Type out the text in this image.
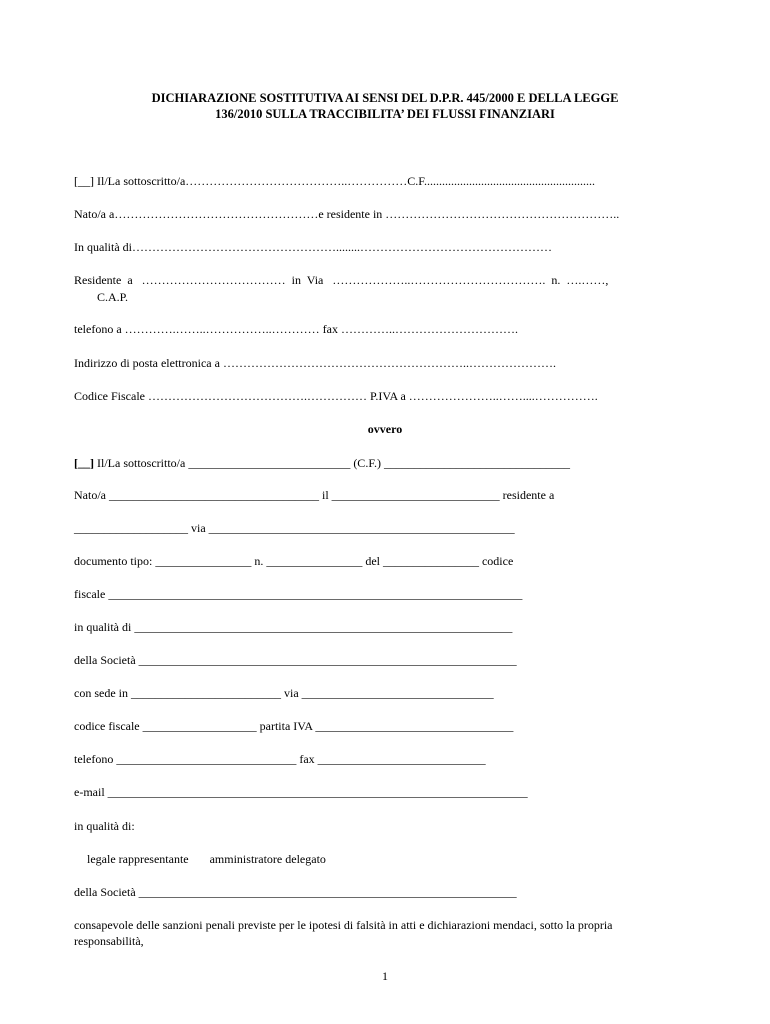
DICHIARAZIONE SOSTITUTIVA AI SENSI DEL D.P.R. 445/2000 E DELLA LEGGE
136/2010 SULLA TRACCIBILITA’ DEI FLUSSI FINANZIARI
[__] Il/La sottoscritto/a…………………………………..……………C.F.........................................................
Nato/a a……………………………………………e residente in …………………………………………………..
In qualità di……………………………………………........…………………………………………
Residente  a   ………………………………  in  Via   ………………..…………………………….  n.  ….……,
C.A.P.
telefono a ………….……..……………..………… fax …………..………………………….
Indirizzo di posta elettronica a ……………………………………………………..………………….
Codice Fiscale ………………………………….…………… P.IVA a …………………..……....…………….
ovvero
[__] Il/La sottoscritto/a ___________________________ (C.F.) _______________________________
Nato/a ___________________________________ il ____________________________ residente a
___________________ via ___________________________________________________
documento tipo: ________________ n. ________________ del ________________ codice
fiscale _____________________________________________________________________
in qualità di _______________________________________________________________
della Società _______________________________________________________________
con sede in _________________________ via ________________________________
codice fiscale ___________________ partita IVA _________________________________
telefono ______________________________ fax ____________________________
e-mail ______________________________________________________________________
in qualità di:
legale rappresentante       amministratore delegato
della Società _______________________________________________________________
consapevole delle sanzioni penali previste per le ipotesi di falsità in atti e dichiarazioni mendaci, sotto la propria
responsabilità,
1
